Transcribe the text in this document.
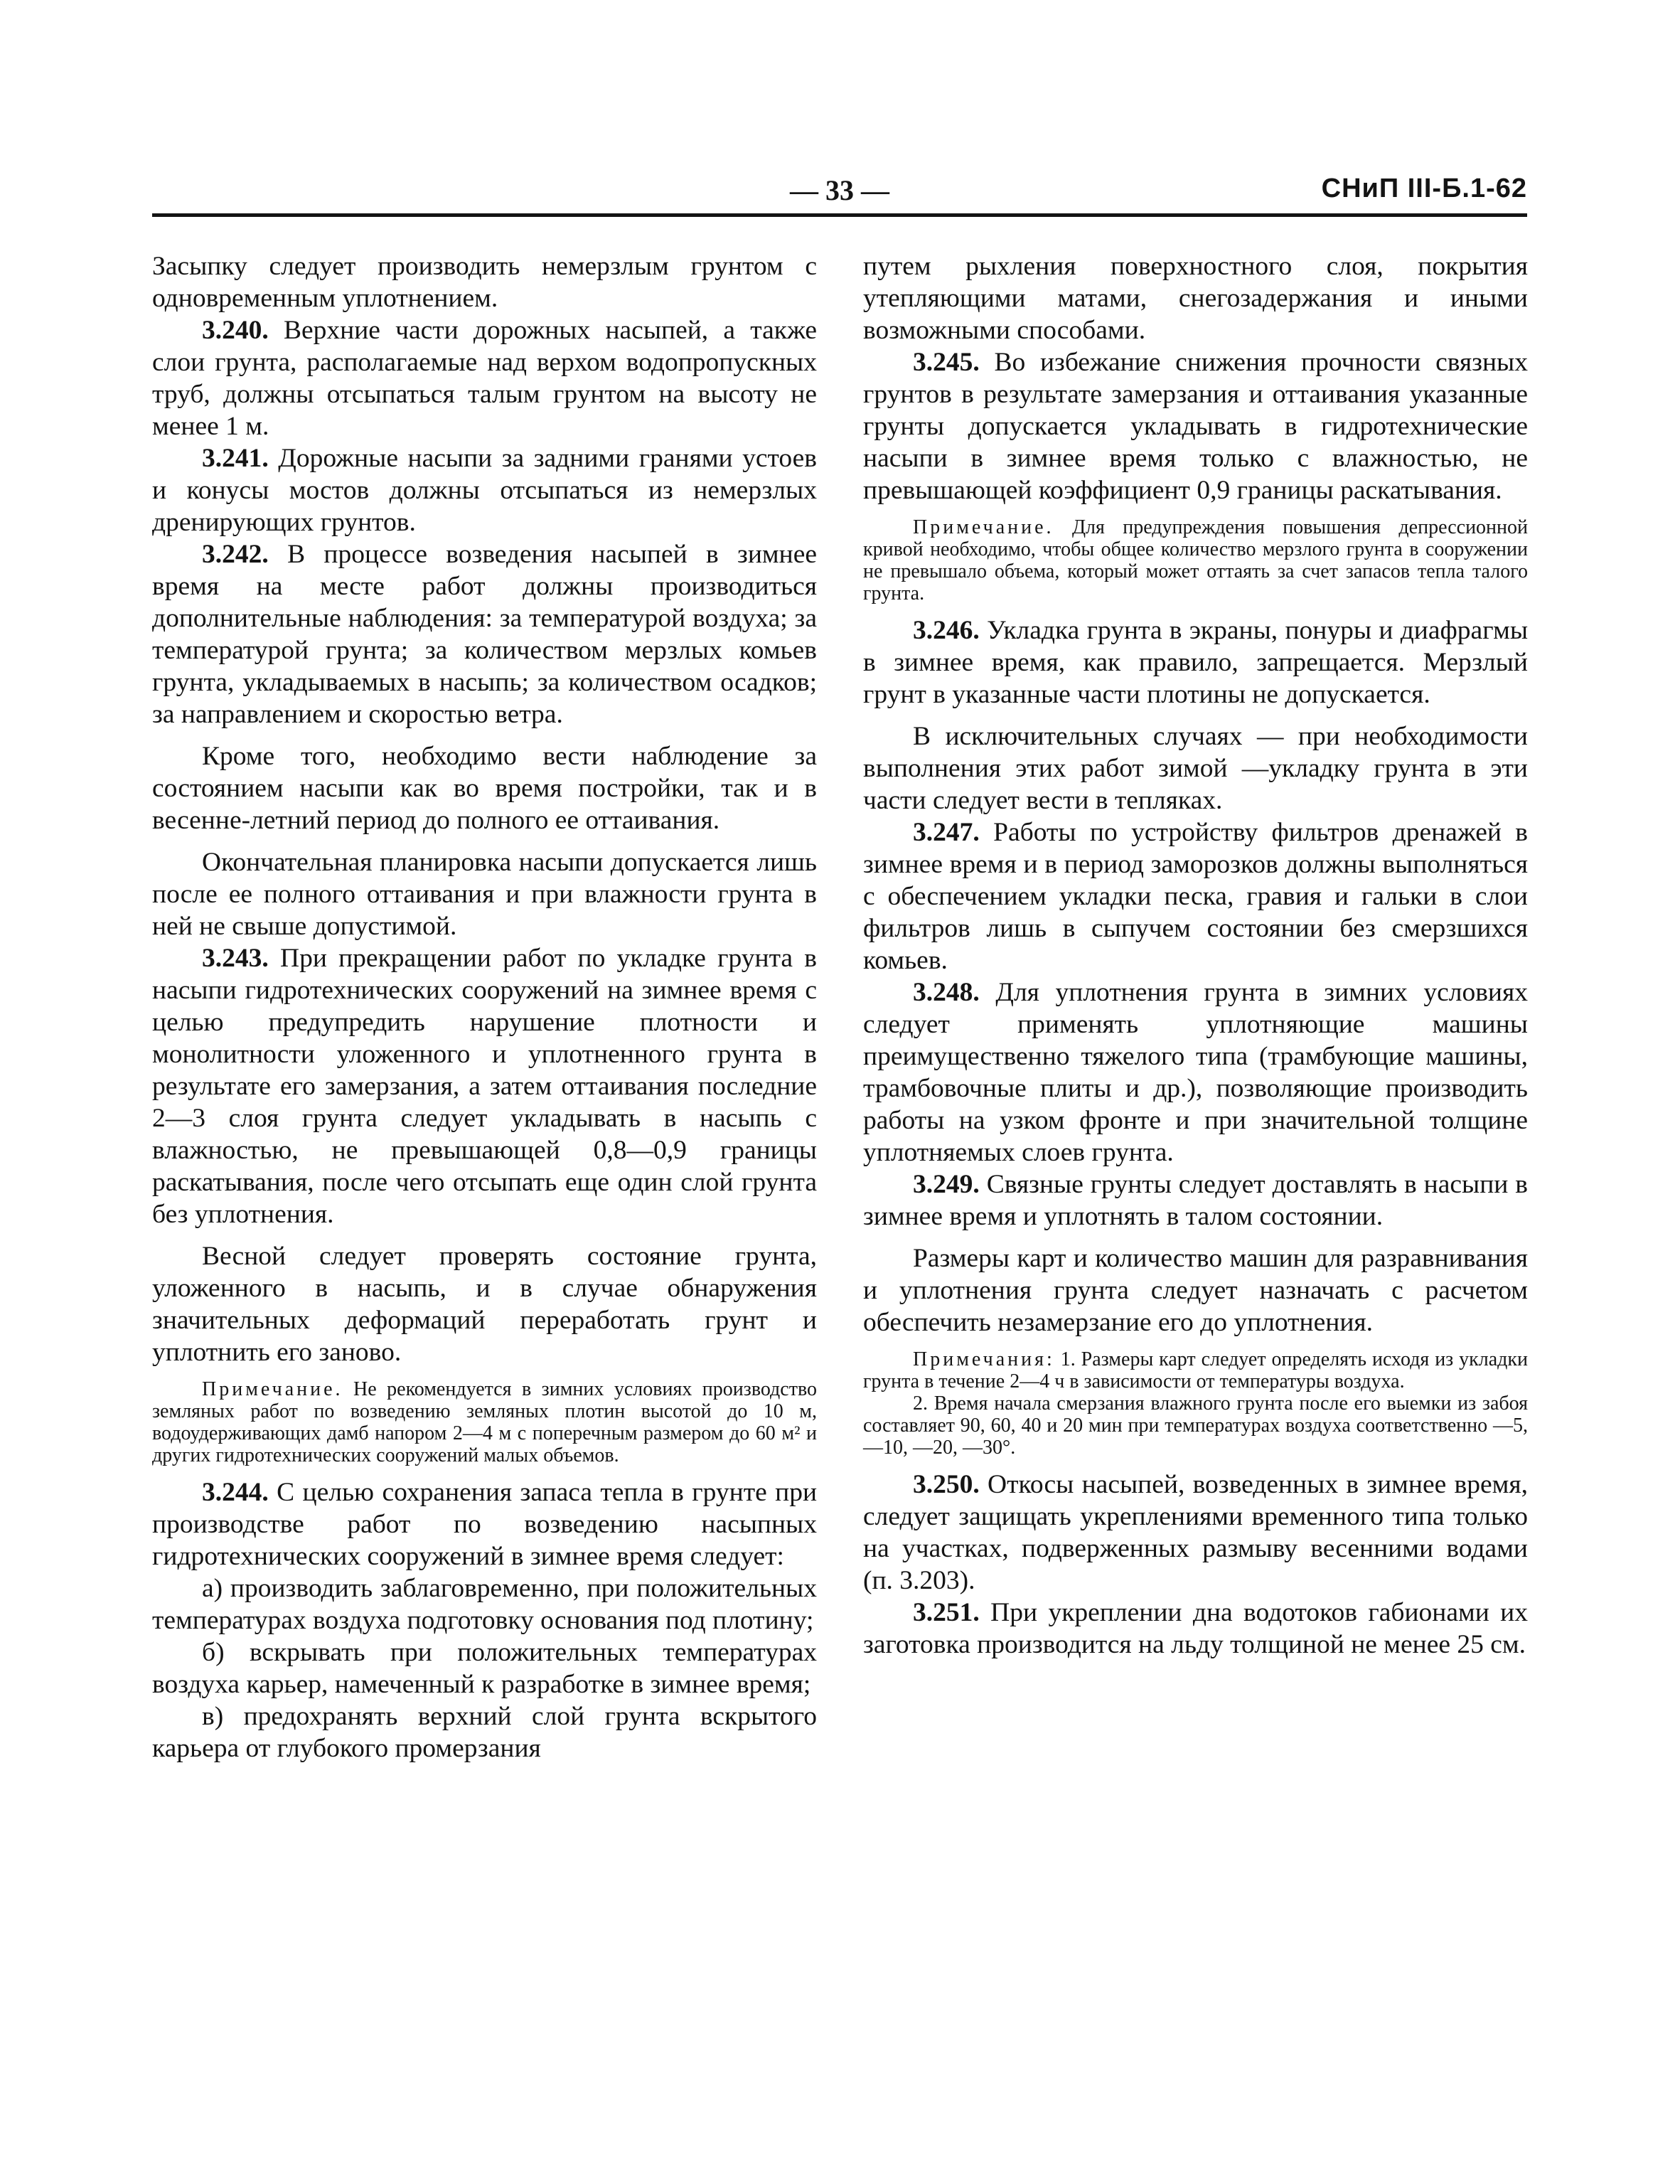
— 33 —	СНиП III-Б.1-62

Засыпку следует производить немерзлым грунтом с одновременным уплотнением.

3.240. Верхние части дорожных насыпей, а также слои грунта, располагаемые над верхом водопропускных труб, должны отсыпаться талым грунтом на высоту не менее 1 м.

3.241. Дорожные насыпи за задними гранями устоев и конусы мостов должны отсыпаться из немерзлых дренирующих грунтов.

3.242. В процессе возведения насыпей в зимнее время на месте работ должны производиться дополнительные наблюдения: за температурой воздуха; за температурой грунта; за количеством мерзлых комьев грунта, укладываемых в насыпь; за количеством осадков; за направлением и скоростью ветра.

Кроме того, необходимо вести наблюдение за состоянием насыпи как во время постройки, так и в весенне-летний период до полного ее оттаивания.

Окончательная планировка насыпи допускается лишь после ее полного оттаивания и при влажности грунта в ней не свыше допустимой.

3.243. При прекращении работ по укладке грунта в насыпи гидротехнических сооружений на зимнее время с целью предупредить нарушение плотности и монолитности уложенного и уплотненного грунта в результате его замерзания, а затем оттаивания последние 2—3 слоя грунта следует укладывать в насыпь с влажностью, не превышающей 0,8—0,9 границы раскатывания, после чего отсыпать еще один слой грунта без уплотнения.

Весной следует проверять состояние грунта, уложенного в насыпь, и в случае обнаружения значительных деформаций переработать грунт и уплотнить его заново.

Примечание. Не рекомендуется в зимних условиях производство земляных работ по возведению земляных плотин высотой до 10 м, водоудерживающих дамб напором 2—4 м с поперечным размером до 60 м² и других гидротехнических сооружений малых объемов.

3.244. С целью сохранения запаса тепла в грунте при производстве работ по возведению насыпных гидротехнических сооружений в зимнее время следует:

а) производить заблаговременно, при положительных температурах воздуха подготовку основания под плотину;

б) вскрывать при положительных температурах воздуха карьер, намеченный к разработке в зимнее время;

в) предохранять верхний слой грунта вскрытого карьера от глубокого промерзания

путем рыхления поверхностного слоя, покрытия утепляющими матами, снегозадержания и иными возможными способами.

3.245. Во избежание снижения прочности связных грунтов в результате замерзания и оттаивания указанные грунты допускается укладывать в гидротехнические насыпи в зимнее время только с влажностью, не превышающей коэффициент 0,9 границы раскатывания.

Примечание. Для предупреждения повышения депрессионной кривой необходимо, чтобы общее количество мерзлого грунта в сооружении не превышало объема, который может оттаять за счет запасов тепла талого грунта.

3.246. Укладка грунта в экраны, понуры и диафрагмы в зимнее время, как правило, запрещается. Мерзлый грунт в указанные части плотины не допускается.

В исключительных случаях — при необходимости выполнения этих работ зимой —укладку грунта в эти части следует вести в тепляках.

3.247. Работы по устройству фильтров дренажей в зимнее время и в период заморозков должны выполняться с обеспечением укладки песка, гравия и гальки в слои фильтров лишь в сыпучем состоянии без смерзшихся комьев.

3.248. Для уплотнения грунта в зимних условиях следует применять уплотняющие машины преимущественно тяжелого типа (трамбующие машины, трамбовочные плиты и др.), позволяющие производить работы на узком фронте и при значительной толщине уплотняемых слоев грунта.

3.249. Связные грунты следует доставлять в насыпи в зимнее время и уплотнять в талом состоянии.

Размеры карт и количество машин для разравнивания и уплотнения грунта следует назначать с расчетом обеспечить незамерзание его до уплотнения.

Примечания: 1. Размеры карт следует определять исходя из укладки грунта в течение 2—4 ч в зависимости от температуры воздуха.

2. Время начала смерзания влажного грунта после его выемки из забоя составляет 90, 60, 40 и 20 мин при температурах воздуха соответственно —5, —10, —20, —30°.

3.250. Откосы насыпей, возведенных в зимнее время, следует защищать укреплениями временного типа только на участках, подверженных размыву весенними водами (п. 3.203).

3.251. При укреплении дна водотоков габионами их заготовка производится на льду толщиной не менее 25 см.
